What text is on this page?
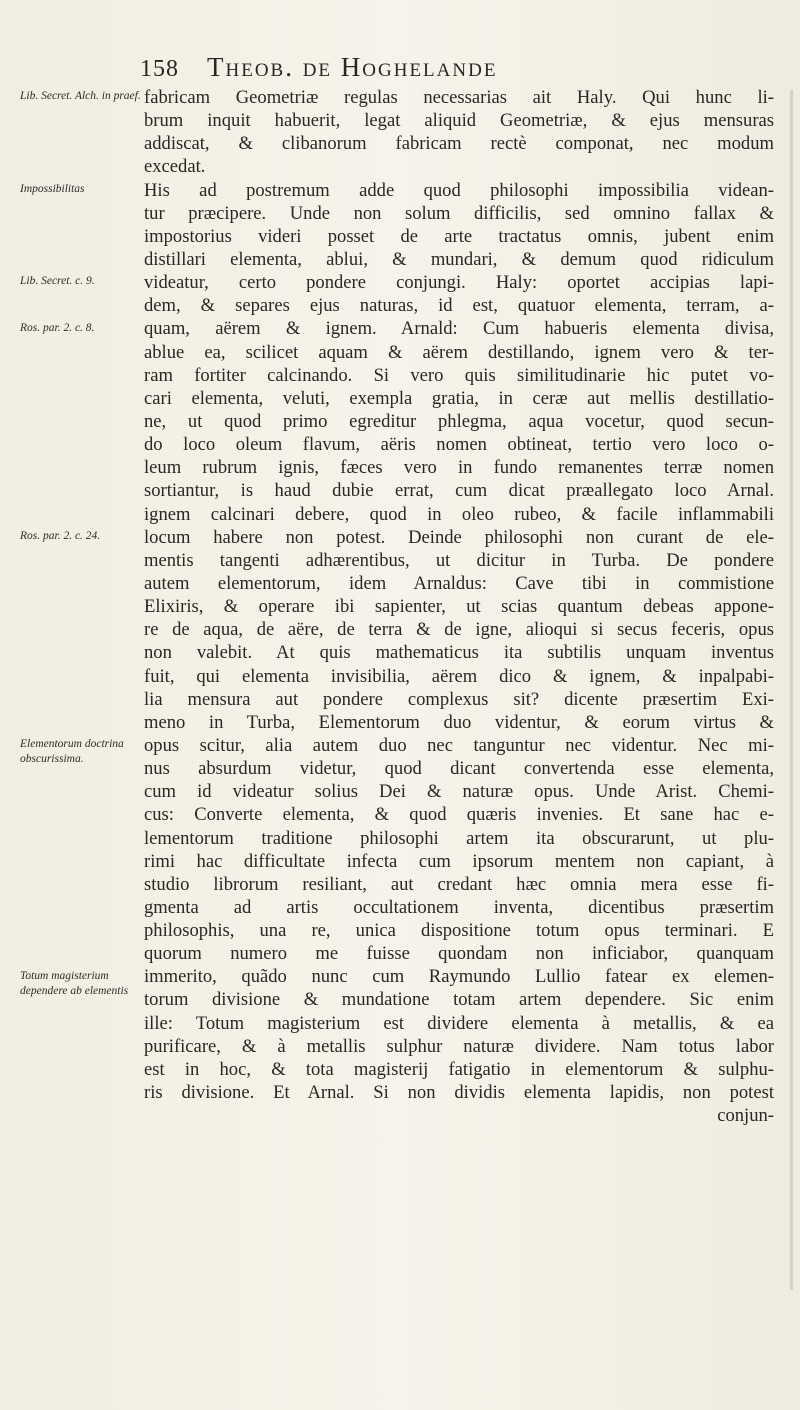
158 Theob. de Hoghelande
Lib. Secret. Alch. in praef.
Impossibilitas
Lib. Secret. c. 9.
Ros. par. 2. c. 8.
Ros. par. 2. c. 24.
Elementorum doctrina obscurissima.
Totum magisterium dependere ab elementis
fabricam Geometriæ regulas necessarias ait Haly. Qui hunc li-
brum inquit habuerit, legat aliquid Geometriæ, & ejus mensuras
addiscat, & clibanorum fabricam rectè componat, nec modum
excedat.
His ad postremum adde quod philosophi impossibilia videan-
tur præcipere. Unde non solum difficilis, sed omnino fallax &
impostorius videri posset de arte tractatus omnis, jubent enim
distillari elementa, ablui, & mundari, & demum quod ridiculum
videatur, certo pondere conjungi. Haly: oportet accipias lapi-
dem, & separes ejus naturas, id est, quatuor elementa, terram, a-
quam, aërem & ignem. Arnald: Cum habueris elementa divisa,
ablue ea, scilicet aquam & aërem destillando, ignem vero & ter-
ram fortiter calcinando. Si vero quis similitudinarie hic putet vo-
cari elementa, veluti, exempla gratia, in ceræ aut mellis destillatio-
ne, ut quod primo egreditur phlegma, aqua vocetur, quod secun-
do loco oleum flavum, aëris nomen obtineat, tertio vero loco o-
leum rubrum ignis, fæces vero in fundo remanentes terræ nomen
sortiantur, is haud dubie errat, cum dicat præallegato loco Arnal.
ignem calcinari debere, quod in oleo rubeo, & facile inflammabili
locum habere non potest. Deinde philosophi non curant de ele-
mentis tangenti adhærentibus, ut dicitur in Turba. De pondere
autem elementorum, idem Arnaldus: Cave tibi in commistione
Elixiris, & operare ibi sapienter, ut scias quantum debeas appone-
re de aqua, de aëre, de terra & de igne, alioqui si secus feceris, opus
non valebit. At quis mathematicus ita subtilis unquam inventus
fuit, qui elementa invisibilia, aërem dico & ignem, & inpalpabi-
lia mensura aut pondere complexus sit? dicente præsertim Exi-
meno in Turba, Elementorum duo videntur, & eorum virtus &
opus scitur, alia autem duo nec tanguntur nec videntur. Nec mi-
nus absurdum videtur, quod dicant convertenda esse elementa,
cum id videatur solius Dei & naturæ opus. Unde Arist. Chemi-
cus: Converte elementa, & quod quæris invenies. Et sane hac e-
lementorum traditione philosophi artem ita obscurarunt, ut plu-
rimi hac difficultate infecta cum ipsorum mentem non capiant, à
studio librorum resiliant, aut credant hæc omnia mera esse fi-
gmenta ad artis occultationem inventa, dicentibus præsertim
philosophis, una re, unica dispositione totum opus terminari. E
quorum numero me fuisse quondam non inficiabor, quanquam
immerito, quãdo nunc cum Raymundo Lullio fatear ex elemen-
torum divisione & mundatione totam artem dependere. Sic enim
ille: Totum magisterium est dividere elementa à metallis, & ea
purificare, & à metallis sulphur naturæ dividere. Nam totus labor
est in hoc, & tota magisterij fatigatio in elementorum & sulphu-
ris divisione. Et Arnal. Si non dividis elementa lapidis, non potest
conjun-
